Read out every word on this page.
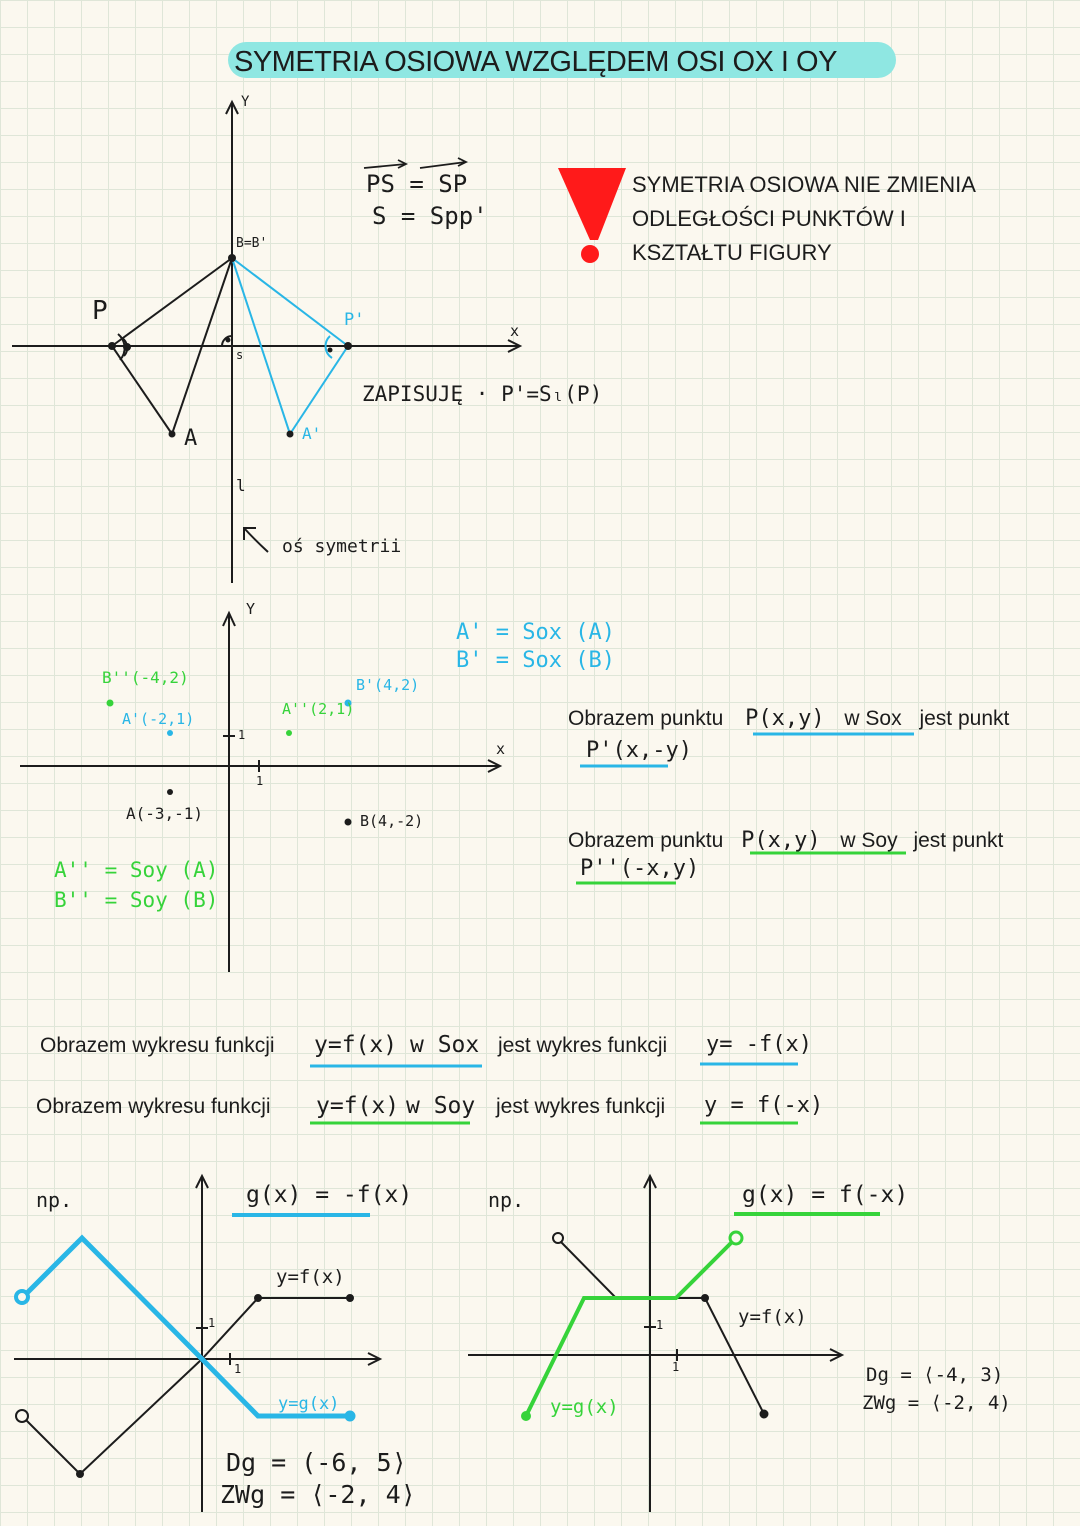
SYMETRIA OSIOWA WZGLĘDEM OSI OX I OY
SYMETRIA OSIOWA NIE ZMIENIA
ODLEGŁOŚCI PUNKTÓW I
KSZTAŁTU FIGURY
PS = SP
S = Spp'
ZAPISUJĘ · P'=Sₗ(P)
x
Y
P	P'
A	A'
B=B'
s
l
oś symetrii
x
Y
1
1
A' = Sox (A)
B' = Sox (B)
A'' = Soy (A)
B'' = Soy (B)
A(-3,-1)	B(4,-2)
A'(-2,1)
B'(4,2)
A''(2,1)
B''(-4,2)
Obrazem punktu P(x,y) w Sox jest punkt
P'(x,-y)
Obrazem punktu P(x,y) w Soy jest punkt
P''(-x,y)
Obrazem wykresu funkcji y=f(x) w Sox jest wykres funkcji y= -f(x)
Obrazem wykresu funkcji y=f(x) w Soy jest wykres funkcji y = f(-x)
np.	g(x) = -f(x)
y=f(x)
y=g(x)
1
1
Dg = (-6, 5⟩
ZWg = ⟨-2, 4⟩
np.	g(x) = f(-x)
y=f(x)
y=g(x)
1
1
Dg = ⟨-4, 3)
ZWg = ⟨-2, 4)
